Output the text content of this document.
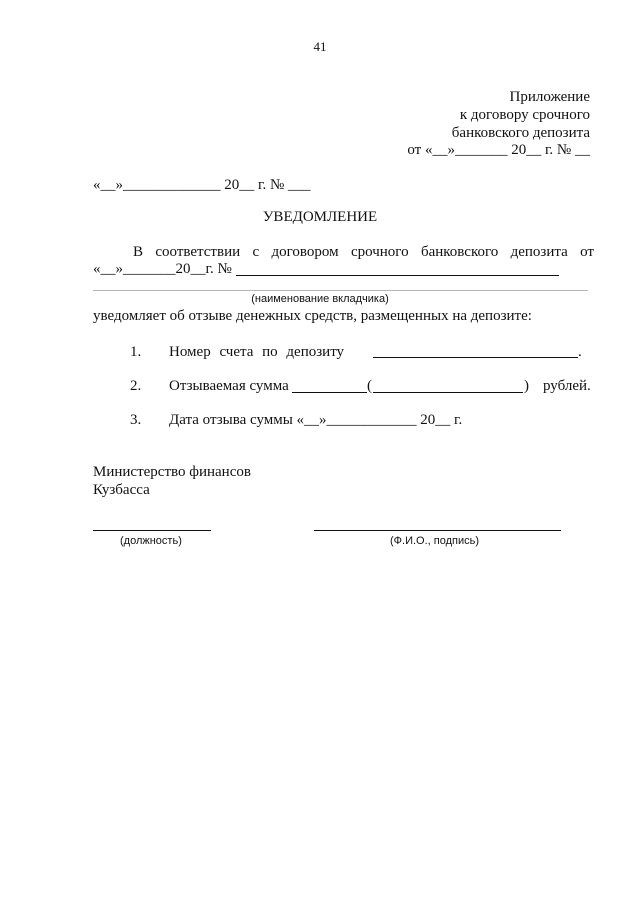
41
Приложение
к договору срочного
банковского депозита
от «__»_______ 20__ г. № __
«__»_____________ 20__ г. № ___
УВЕДОМЛЕНИЕ
В соответствии с договором срочного банковского депозита от
«__»_______20__г. №
(наименование вкладчика)
уведомляет об отзыве денежных средств, размещенных на депозите:
1. Номер счета по депозиту	.
2. Отзываемая сумма	(	) рублей.
3. Дата отзыва суммы «__»____________ 20__ г.
Министерство финансов
Кузбасса
(должность)	(Ф.И.О., подпись)
